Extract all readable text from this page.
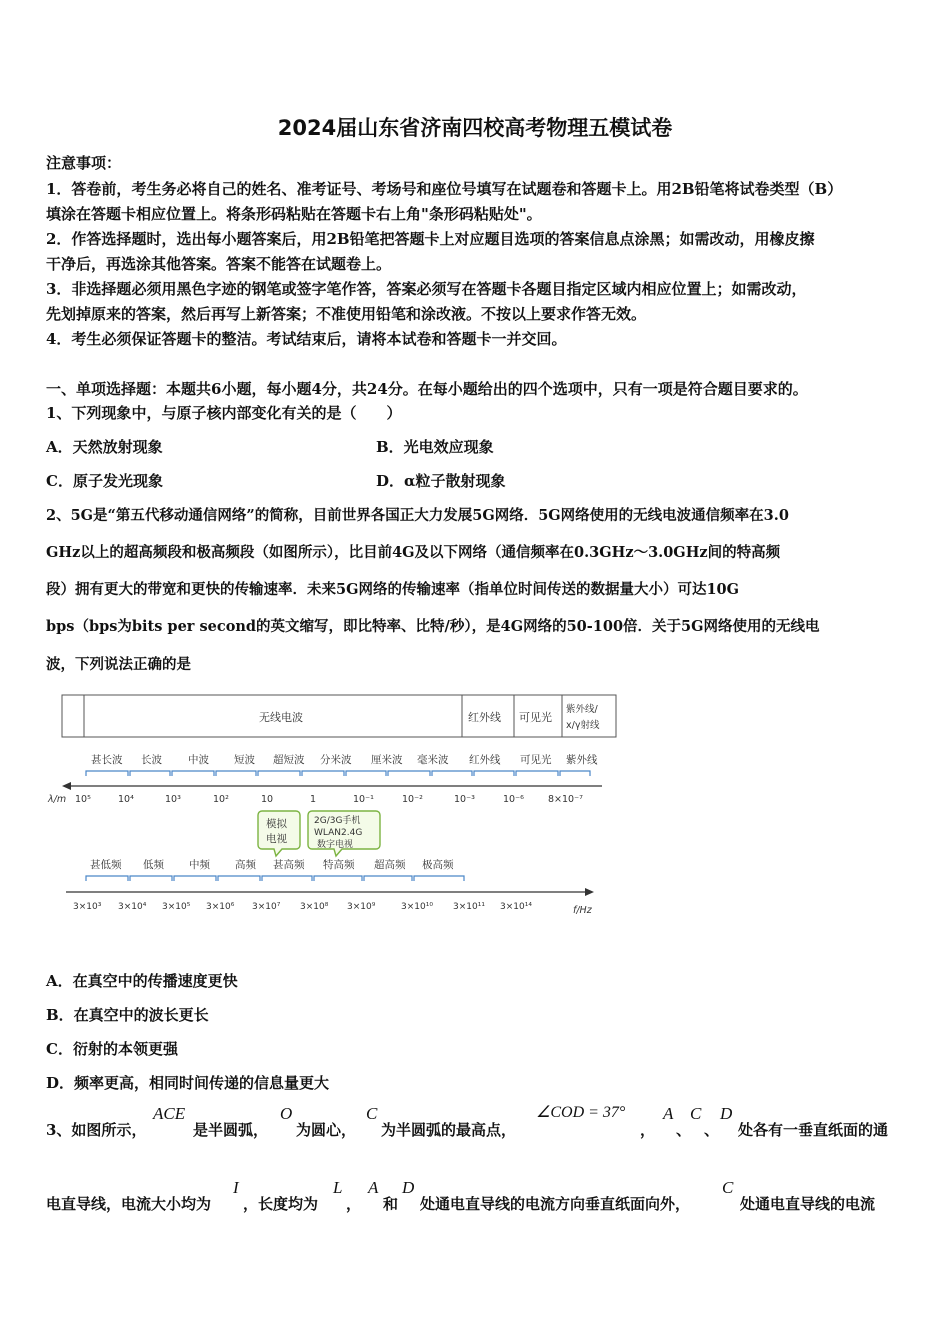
2024届山东省济南四校高考物理五模试卷
注意事项：
1．答卷前，考生务必将自己的姓名、准考证号、考场号和座位号填写在试题卷和答题卡上。用2B铅笔将试卷类型（B）
填涂在答题卡相应位置上。将条形码粘贴在答题卡右上角"条形码粘贴处"。
2．作答选择题时，选出每小题答案后，用2B铅笔把答题卡上对应题目选项的答案信息点涂黑；如需改动，用橡皮擦
干净后，再选涂其他答案。答案不能答在试题卷上。
3．非选择题必须用黑色字迹的钢笔或签字笔作答，答案必须写在答题卡各题目指定区域内相应位置上；如需改动，
先划掉原来的答案，然后再写上新答案；不准使用铅笔和涂改液。不按以上要求作答无效。
4．考生必须保证答题卡的整洁。考试结束后，请将本试卷和答题卡一并交回。
一、单项选择题：本题共6小题，每小题4分，共24分。在每小题给出的四个选项中，只有一项是符合题目要求的。
1、下列现象中，与原子核内部变化有关的是（　　）
A．天然放射现象	B．光电效应现象
C．原子发光现象	D．α粒子散射现象
2、5G是“第五代移动通信网络”的简称，目前世界各国正大力发展5G网络．5G网络使用的无线电波通信频率在3.0
GHz以上的超高频段和极高频段（如图所示），比目前4G及以下网络（通信频率在0.3GHz～3.0GHz间的特高频
段）拥有更大的带宽和更快的传输速率．未来5G网络的传输速率（指单位时间传送的数据量大小）可达10G
bps（bps为bits per second的英文缩写，即比特率、比特/秒），是4G网络的50-100倍．关于5G网络使用的无线电
波，下列说法正确的是
无线电波	红外线 可见光
紫外线/
x/γ射线
甚长波 长波 中波 短波 超短波 分米波 厘米波 毫米波 红外线 可见光 紫外线
λ/m 10⁵	10⁴	10³	10²	10	1	10⁻¹	10⁻²	10⁻³	10⁻⁶	8×10⁻⁷
模拟
电视
2G/3G手机
WLAN2.4G
数字电视
甚低频 低频 中频 高频 甚高频 特高频 超高频 极高频
f/Hz
3×10³ 3×10⁴ 3×10⁵ 3×10⁶ 3×10⁷ 3×10⁸ 3×10⁹	3×10¹⁰ 3×10¹¹ 3×10¹⁴
A．在真空中的传播速度更快
B．在真空中的波长更长
C．衍射的本领更强
D．频率更高，相同时间传递的信息量更大
3、如图所示，
ACE
是半圆弧，
O
为圆心，
C
为半圆弧的最高点，
∠COD = 37°
，
A
、
C
、
D
处各有一垂直纸面的通
电直导线，电流大小均为
I
，长度均为
L
，
A
和
D
处通电直导线的电流方向垂直纸面向外，
C
处通电直导线的电流
